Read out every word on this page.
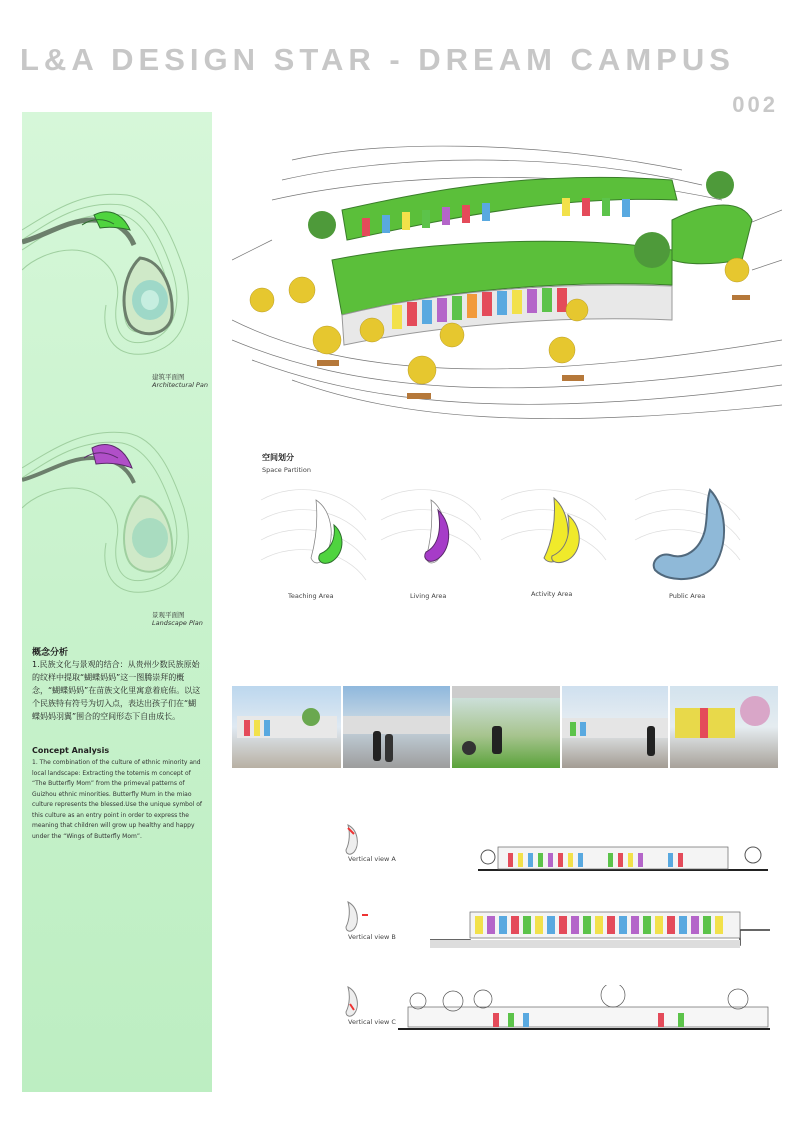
L&A DESIGN STAR - DREAM CAMPUS
002
建筑平面图
Architectural Pan
景观平面图
Landscape Plan
概念分析
1.民族文化与景观的结合：从贵州少数民族原始的纹样中提取“蝴蝶妈妈”这一图腾崇拜的概念，“蝴蝶妈妈”在苗族文化里寓意着庇佑。以这个民族特有符号为切入点，表达出孩子们在“蝴蝶妈妈羽翼”围合的空间形态下自由成长。
Concept Analysis
1. The combination of the culture of ethnic minority and local landscape: Extracting the totemis m concept of “The Butterfly Mom” from the primeval patterns of Guizhou ethnic minorities. Butterfly Mum in the miao culture represents the blessed.Use the unique symbol of this culture as an entry point in order to express the meaning that children will grow up healthy and happy under the “Wings of Butterfly Mom”.
空间划分
Space Partition
Teaching Area	Living Area	Activity Area	Public Area
Vertical view A
Vertical view B
Vertical view C
